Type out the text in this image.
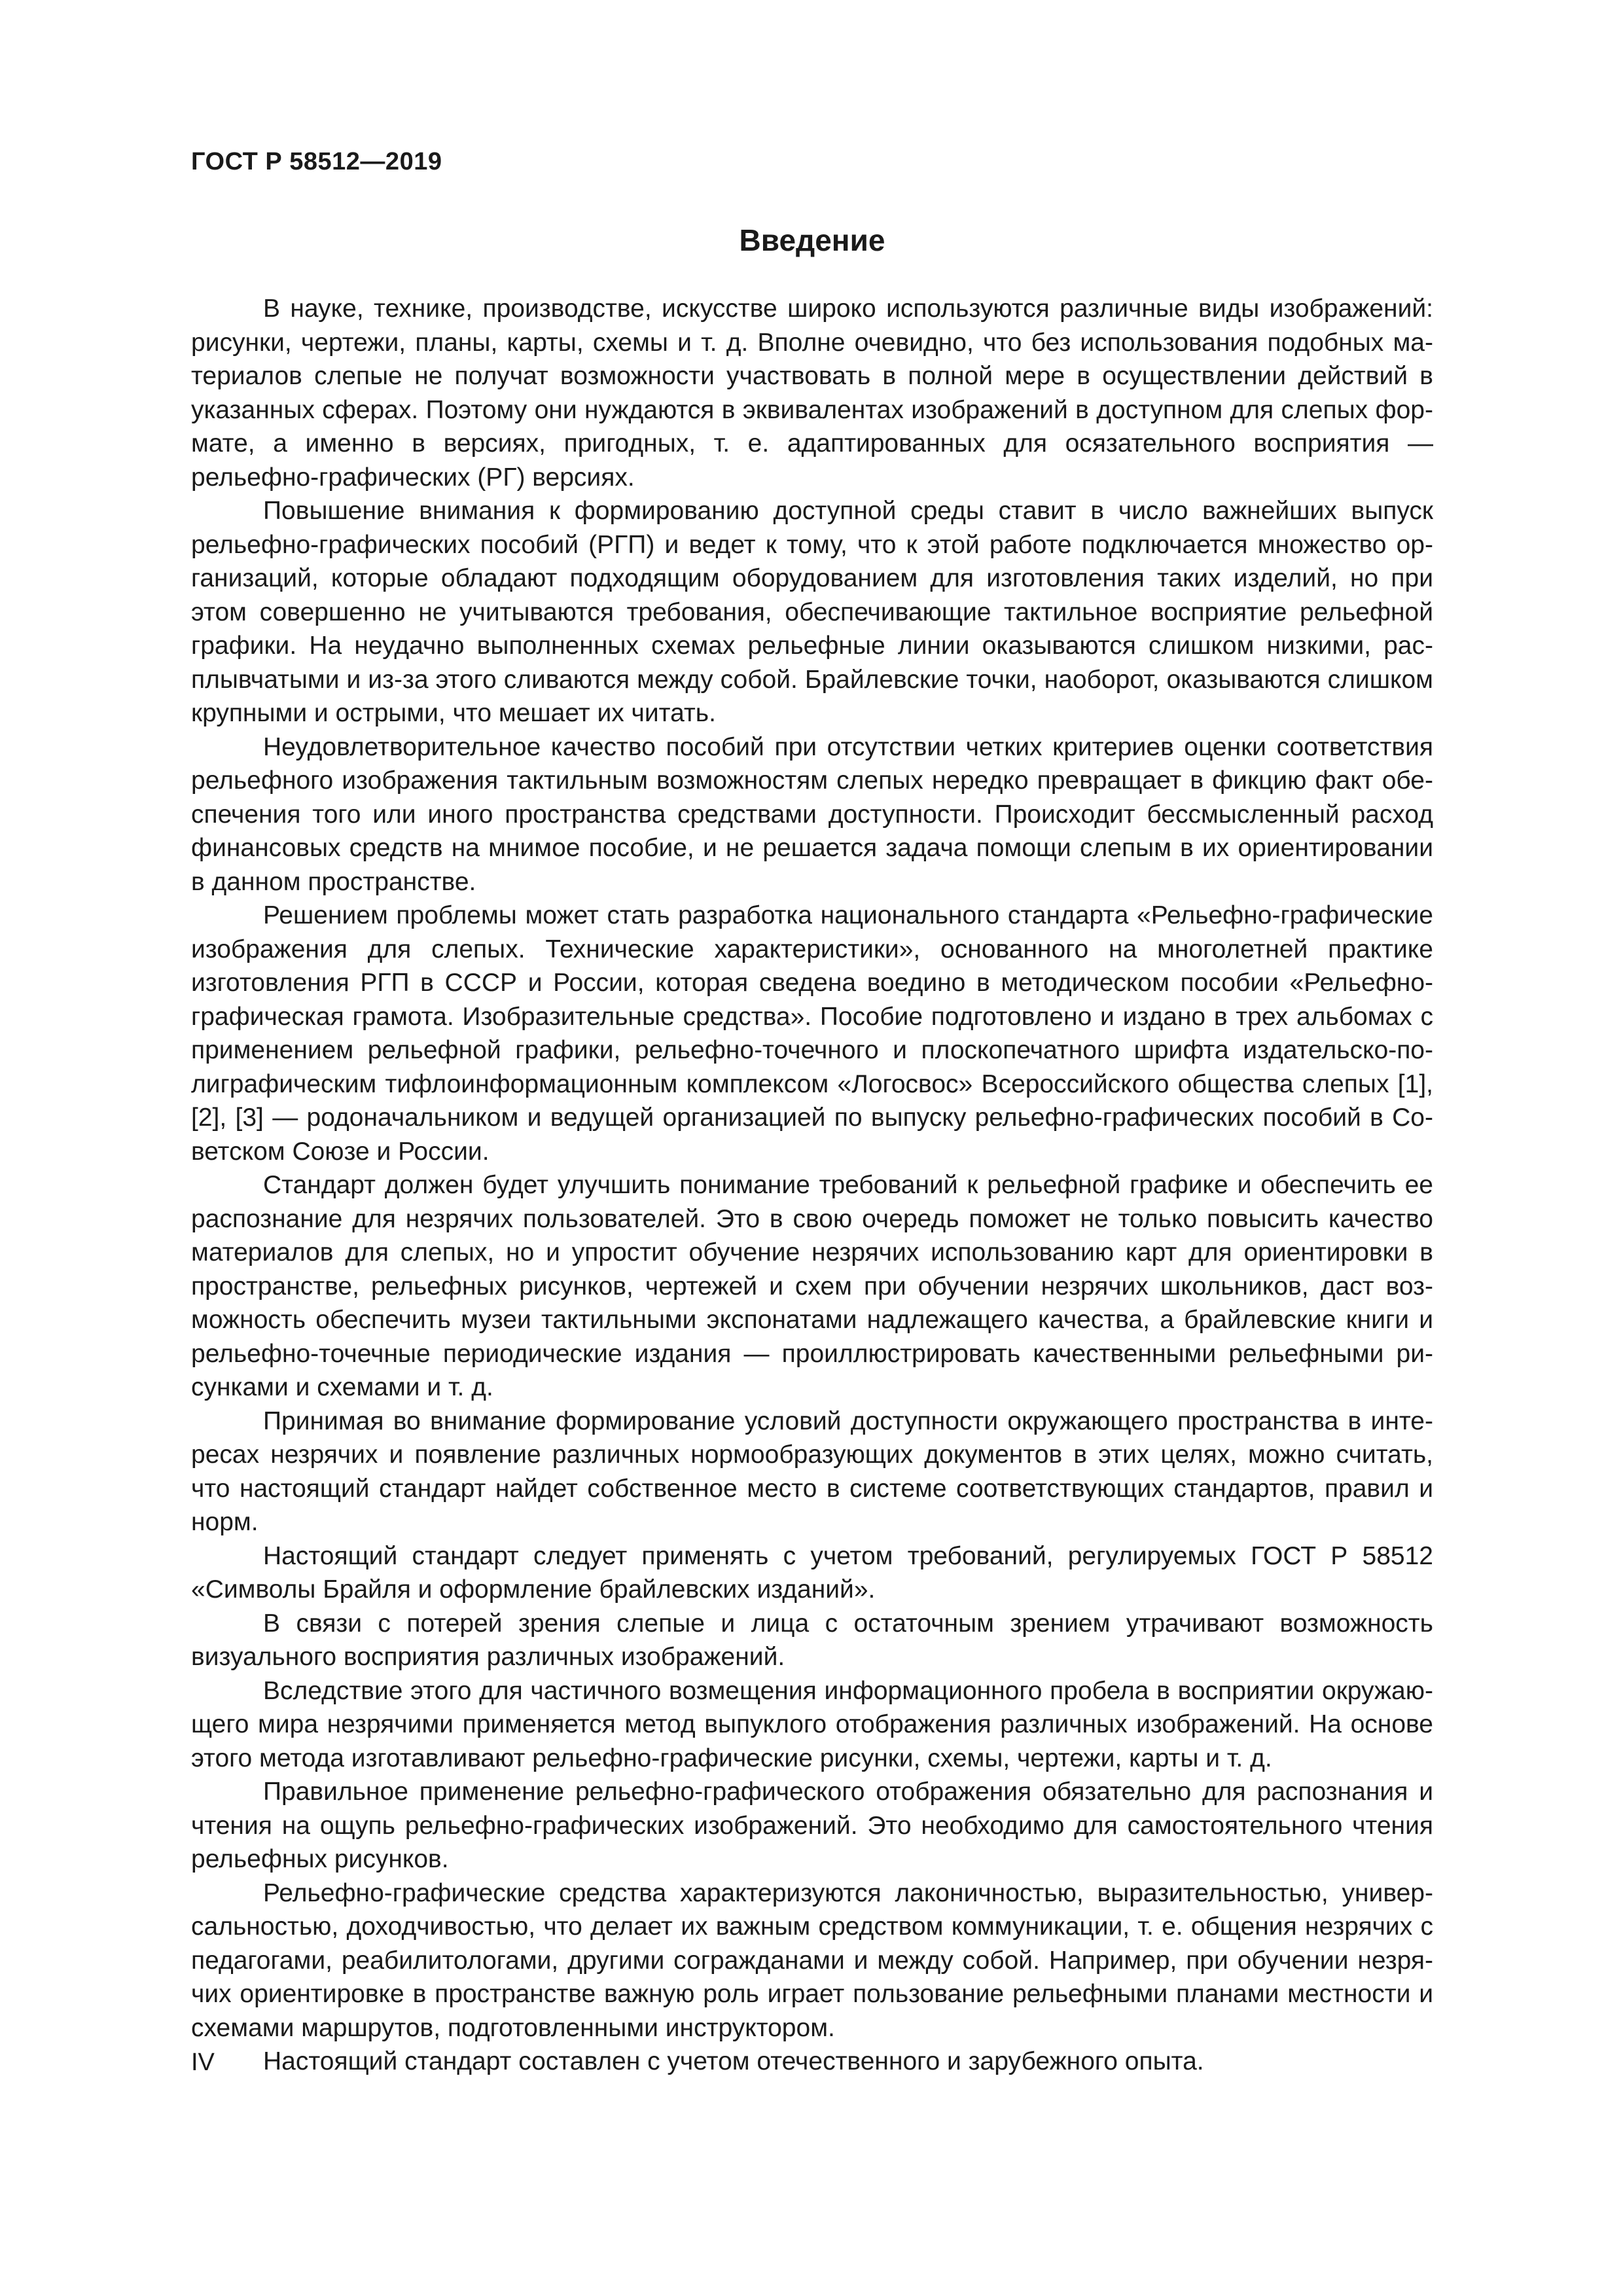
ГОСТ Р 58512—2019
Введение

В науке, технике, производстве, искусстве широко используются различные виды изображений: рисунки, чертежи, планы, карты, схемы и т. д. Вполне очевидно, что без использования подобных материалов слепые не получат возможности участвовать в полной мере в осуществлении действий в указанных сферах. Поэтому они нуждаются в эквивалентах изображений в доступном для слепых формате, а именно в версиях, пригодных, т. е. адаптированных для осязательного восприятия — рельефно-графических (РГ) версиях.

Повышение внимания к формированию доступной среды ставит в число важнейших выпуск рельефно-графических пособий (РГП) и ведет к тому, что к этой работе подключается множество организаций, которые обладают подходящим оборудованием для изготовления таких изделий, но при этом совершенно не учитываются требования, обеспечивающие тактильное восприятие рельефной графики. На неудачно выполненных схемах рельефные линии оказываются слишком низкими, расплывчатыми и из-за этого сливаются между собой. Брайлевские точки, наоборот, оказываются слишком крупными и острыми, что мешает их читать.

Неудовлетворительное качество пособий при отсутствии четких критериев оценки соответствия рельефного изображения тактильным возможностям слепых нередко превращает в фикцию факт обеспечения того или иного пространства средствами доступности. Происходит бессмысленный расход финансовых средств на мнимое пособие, и не решается задача помощи слепым в их ориентировании в данном пространстве.

Решением проблемы может стать разработка национального стандарта «Рельефно-графические изображения для слепых. Технические характеристики», основанного на многолетней практике изготовления РГП в СССР и России, которая сведена воедино в методическом пособии «Рельефно-графическая грамота. Изобразительные средства». Пособие подготовлено и издано в трех альбомах с применением рельефной графики, рельефно-точечного и плоскопечатного шрифта издательско-полиграфическим тифлоинформационным комплексом «Логосвос» Всероссийского общества слепых [1], [2], [3] — родоначальником и ведущей организацией по выпуску рельефно-графических пособий в Советском Союзе и России.

Стандарт должен будет улучшить понимание требований к рельефной графике и обеспечить ее распознание для незрячих пользователей. Это в свою очередь поможет не только повысить качество материалов для слепых, но и упростит обучение незрячих использованию карт для ориентировки в пространстве, рельефных рисунков, чертежей и схем при обучении незрячих школьников, даст возможность обеспечить музеи тактильными экспонатами надлежащего качества, а брайлевские книги и рельефно-точечные периодические издания — проиллюстрировать качественными рельефными рисунками и схемами и т. д.

Принимая во внимание формирование условий доступности окружающего пространства в интересах незрячих и появление различных нормообразующих документов в этих целях, можно считать, что настоящий стандарт найдет собственное место в системе соответствующих стандартов, правил и норм.

Настоящий стандарт следует применять с учетом требований, регулируемых ГОСТ Р 58512 «Символы Брайля и оформление брайлевских изданий».

В связи с потерей зрения слепые и лица с остаточным зрением утрачивают возможность визуального восприятия различных изображений.

Вследствие этого для частичного возмещения информационного пробела в восприятии окружающего мира незрячими применяется метод выпуклого отображения различных изображений. На основе этого метода изготавливают рельефно-графические рисунки, схемы, чертежи, карты и т. д.

Правильное применение рельефно-графического отображения обязательно для распознания и чтения на ощупь рельефно-графических изображений. Это необходимо для самостоятельного чтения рельефных рисунков.

Рельефно-графические средства характеризуются лаконичностью, выразительностью, универсальностью, доходчивостью, что делает их важным средством коммуникации, т. е. общения незрячих с педагогами, реабилитологами, другими согражданами и между собой. Например, при обучении незрячих ориентировке в пространстве важную роль играет пользование рельефными планами местности и схемами маршрутов, подготовленными инструктором.

Настоящий стандарт составлен с учетом отечественного и зарубежного опыта.

IV
